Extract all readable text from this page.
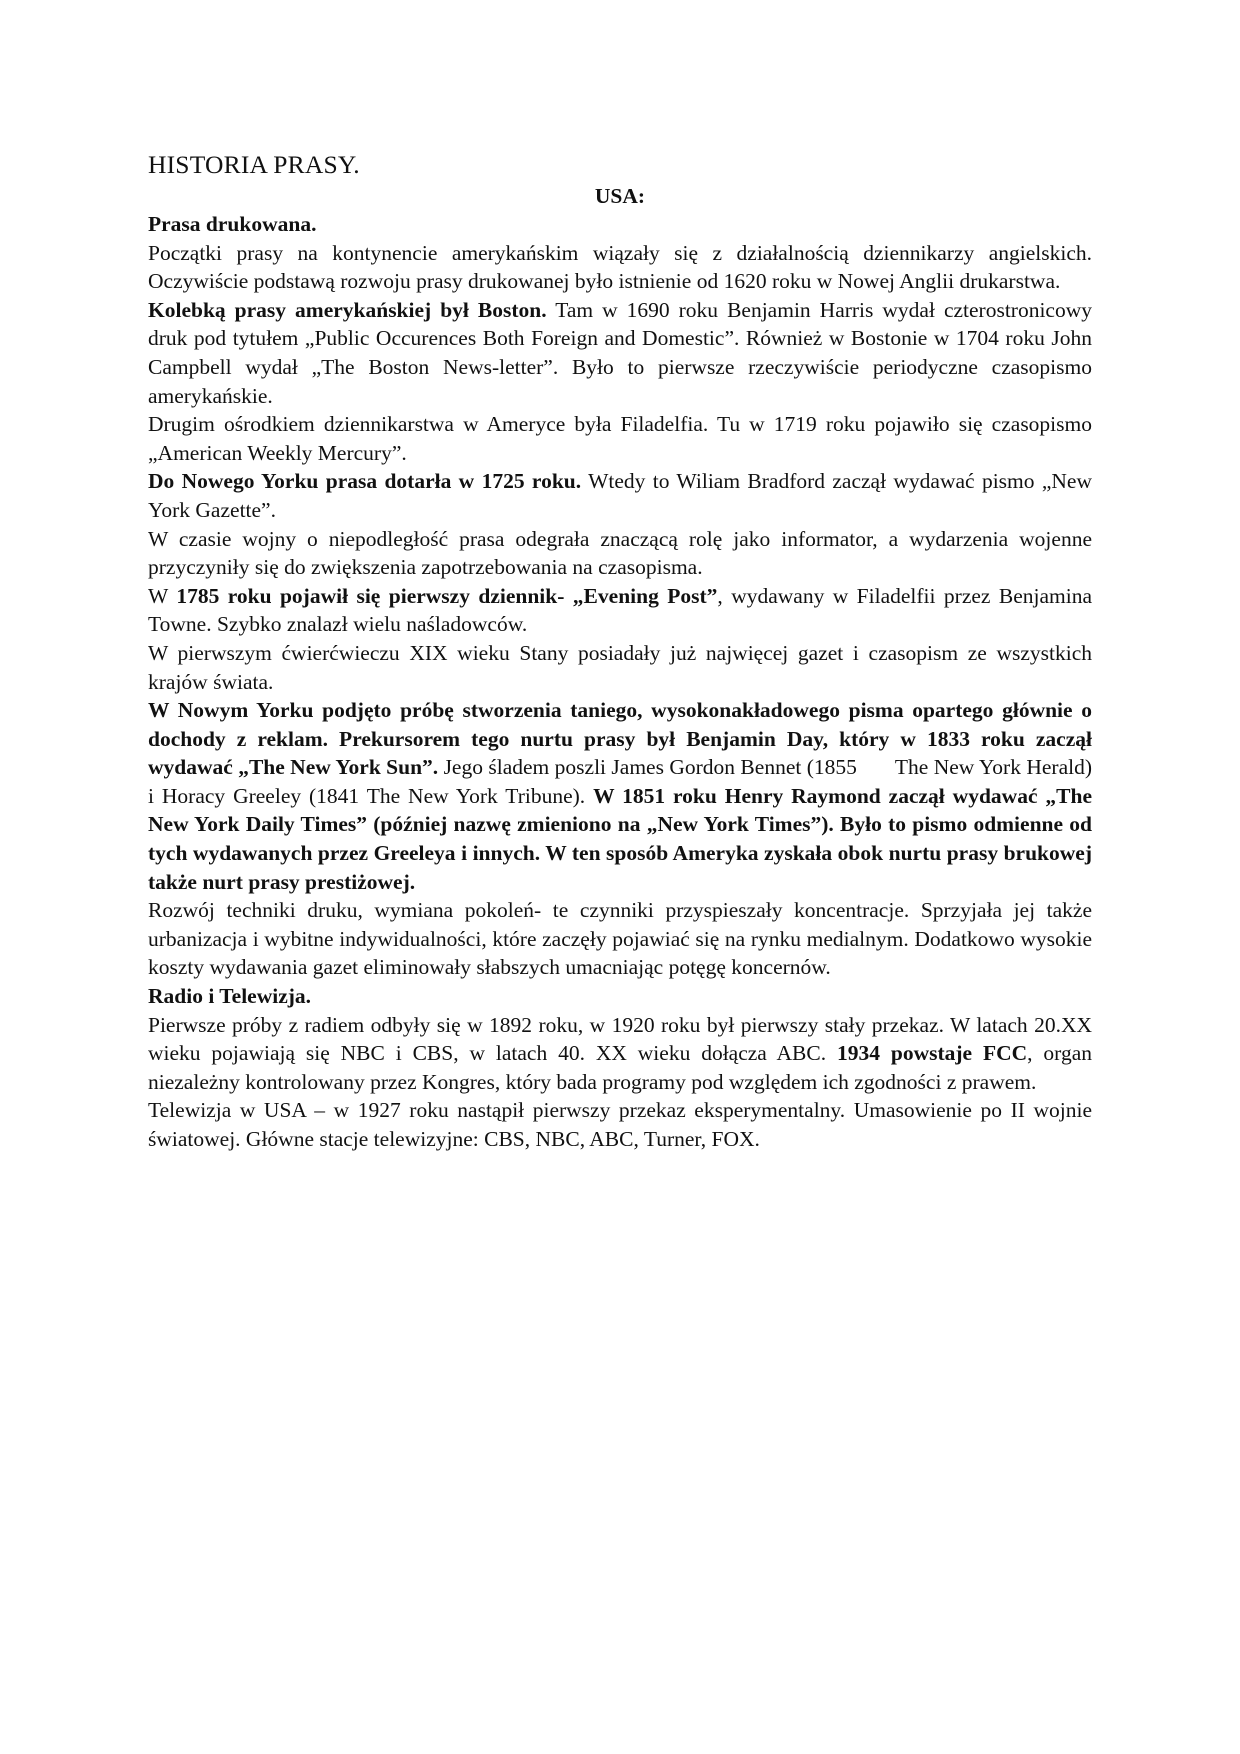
HISTORIA PRASY.

USA:

Prasa drukowana.

Początki prasy na kontynencie amerykańskim wiązały się z działalnością dziennikarzy angielskich. Oczywiście podstawą rozwoju prasy drukowanej było istnienie od 1620 roku w Nowej Anglii drukarstwa.

Kolebką prasy amerykańskiej był Boston. Tam w 1690 roku Benjamin Harris wydał czterostronicowy druk pod tytułem „Public Occurences Both Foreign and Domestic”. Również w Bostonie w 1704 roku John Campbell wydał „The Boston News-letter”. Było to pierwsze rzeczywiście periodyczne czasopismo amerykańskie.

Drugim ośrodkiem dziennikarstwa w Ameryce była Filadelfia. Tu w 1719 roku pojawiło się czasopismo „American Weekly Mercury”.

Do Nowego Yorku prasa dotarła w 1725 roku. Wtedy to Wiliam Bradford zaczął wydawać pismo „New York Gazette”.

W czasie wojny o niepodległość prasa odegrała znaczącą rolę jako informator, a wydarzenia wojenne przyczyniły się do zwiększenia zapotrzebowania na czasopisma.

W 1785 roku pojawił się pierwszy dziennik- „Evening Post”, wydawany w Filadelfii przez Benjamina Towne. Szybko znalazł wielu naśladowców.

W pierwszym ćwierćwieczu XIX wieku Stany posiadały już najwięcej gazet i czasopism ze wszystkich krajów świata.

W Nowym Yorku podjęto próbę stworzenia taniego, wysokonakładowego pisma opartego głównie o dochody z reklam. Prekursorem tego nurtu prasy był Benjamin Day, który w 1833 roku zaczął wydawać „The New York Sun”. Jego śladem poszli James Gordon Bennet (1855 The New York Herald) i Horacy Greeley (1841 The New York Tribune). W 1851 roku Henry Raymond zaczął wydawać „The New York Daily Times” (później nazwę zmieniono na „New York Times”). Było to pismo odmienne od tych wydawanych przez Greeleya i innych. W ten sposób Ameryka zyskała obok nurtu prasy brukowej także nurt prasy prestiżowej.

Rozwój techniki druku, wymiana pokoleń- te czynniki przyspieszały koncentracje. Sprzyjała jej także urbanizacja i wybitne indywidualności, które zaczęły pojawiać się na rynku medialnym. Dodatkowo wysokie koszty wydawania gazet eliminowały słabszych umacniając potęgę koncernów.

Radio i Telewizja.

Pierwsze próby z radiem odbyły się w 1892 roku, w 1920 roku był pierwszy stały przekaz. W latach 20.XX wieku pojawiają się NBC i CBS, w latach 40. XX wieku dołącza ABC. 1934 powstaje FCC, organ niezależny kontrolowany przez Kongres, który bada programy pod względem ich zgodności z prawem.

Telewizja w USA – w 1927 roku nastąpił pierwszy przekaz eksperymentalny. Umasowienie po II wojnie światowej. Główne stacje telewizyjne: CBS, NBC, ABC, Turner, FOX.
